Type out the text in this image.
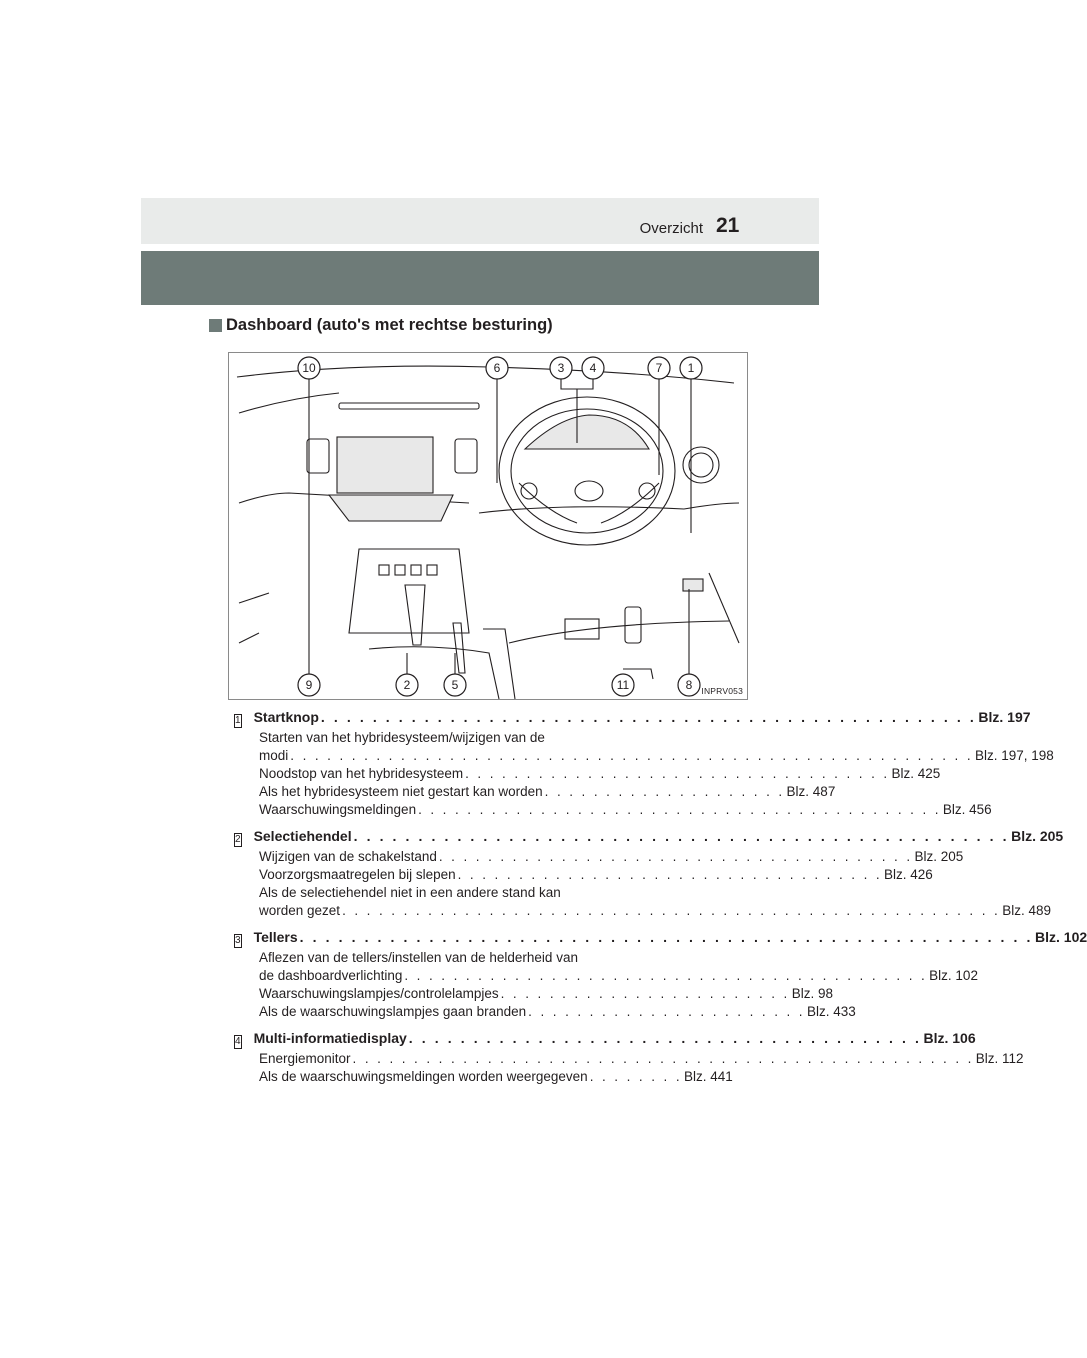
Overzicht 21
Dashboard (auto's met rechtse besturing)
10	6	3 4	7 1
9	2	5	11	8 INPRV053
1 Startknop . . . . . . . . . . . . . . . . . . . . . . . . . . . . . . . . . . . . . . . . . . . . . . . . . . . Blz. 197
Starten van het hybridesysteem/wijzigen van de
modi . . . . . . . . . . . . . . . . . . . . . . . . . . . . . . . . . . . . . . . . . . . . . . . . . . . . . . . . Blz. 197, 198
Noodstop van het hybridesysteem . . . . . . . . . . . . . . . . . . . . . . . . . . . . . . . . . . . Blz. 425
Als het hybridesysteem niet gestart kan worden . . . . . . . . . . . . . . . . . . . . Blz. 487
Waarschuwingsmeldingen . . . . . . . . . . . . . . . . . . . . . . . . . . . . . . . . . . . . . . . . . . . Blz. 456
2 Selectiehendel . . . . . . . . . . . . . . . . . . . . . . . . . . . . . . . . . . . . . . . . . . . . . . . . . . . Blz. 205
Wijzigen van de schakelstand . . . . . . . . . . . . . . . . . . . . . . . . . . . . . . . . . . . . . . . Blz. 205
Voorzorgsmaatregelen bij slepen . . . . . . . . . . . . . . . . . . . . . . . . . . . . . . . . . . . Blz. 426
Als de selectiehendel niet in een andere stand kan
worden gezet . . . . . . . . . . . . . . . . . . . . . . . . . . . . . . . . . . . . . . . . . . . . . . . . . . . . . . Blz. 489
3 Tellers . . . . . . . . . . . . . . . . . . . . . . . . . . . . . . . . . . . . . . . . . . . . . . . . . . . . . . . . . Blz. 102
Aflezen van de tellers/instellen van de helderheid van
de dashboardverlichting . . . . . . . . . . . . . . . . . . . . . . . . . . . . . . . . . . . . . . . . . . . Blz. 102
Waarschuwingslampjes/controlelampjes . . . . . . . . . . . . . . . . . . . . . . . . Blz. 98
Als de waarschuwingslampjes gaan branden . . . . . . . . . . . . . . . . . . . . . . . Blz. 433
4 Multi-informatiedisplay . . . . . . . . . . . . . . . . . . . . . . . . . . . . . . . . . . . . . . . . Blz. 106
Energiemonitor . . . . . . . . . . . . . . . . . . . . . . . . . . . . . . . . . . . . . . . . . . . . . . . . . . . Blz. 112
Als de waarschuwingsmeldingen worden weergegeven . . . . . . . . Blz. 441
